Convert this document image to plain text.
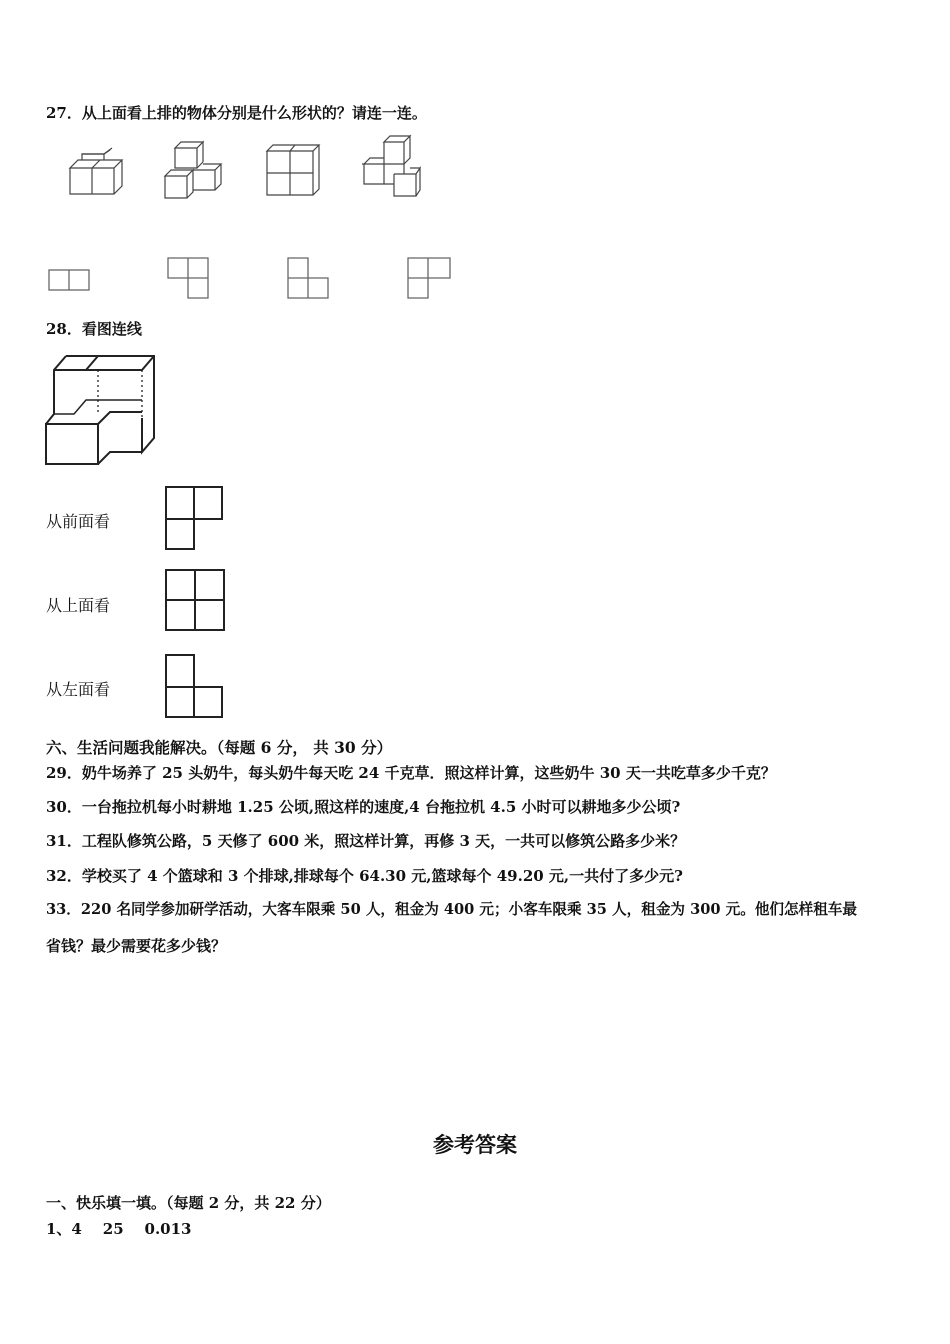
27．从上面看上排的物体分别是什么形状的？请连一连。
28．看图连线
从前面看
从上面看
从左面看
六、生活问题我能解决。（每题 6 分， 共 30 分）
29．奶牛场养了 25 头奶牛，每头奶牛每天吃 24 千克草．照这样计算，这些奶牛 30 天一共吃草多少千克？
30．一台拖拉机每小时耕地 1.25 公顷,照这样的速度,4 台拖拉机 4.5 小时可以耕地多少公顷?
31．工程队修筑公路，5 天修了 600 米，照这样计算，再修 3 天，一共可以修筑公路多少米？
32．学校买了 4 个篮球和 3 个排球,排球每个 64.30 元,篮球每个 49.20 元,一共付了多少元?
33．220 名同学参加研学活动，大客车限乘 50 人，租金为 400 元；小客车限乘 35 人，租金为 300 元。他们怎样租车最
省钱？最少需要花多少钱？
参考答案
一、快乐填一填。（每题 2 分，共 22 分）
1、4    25    0.013
